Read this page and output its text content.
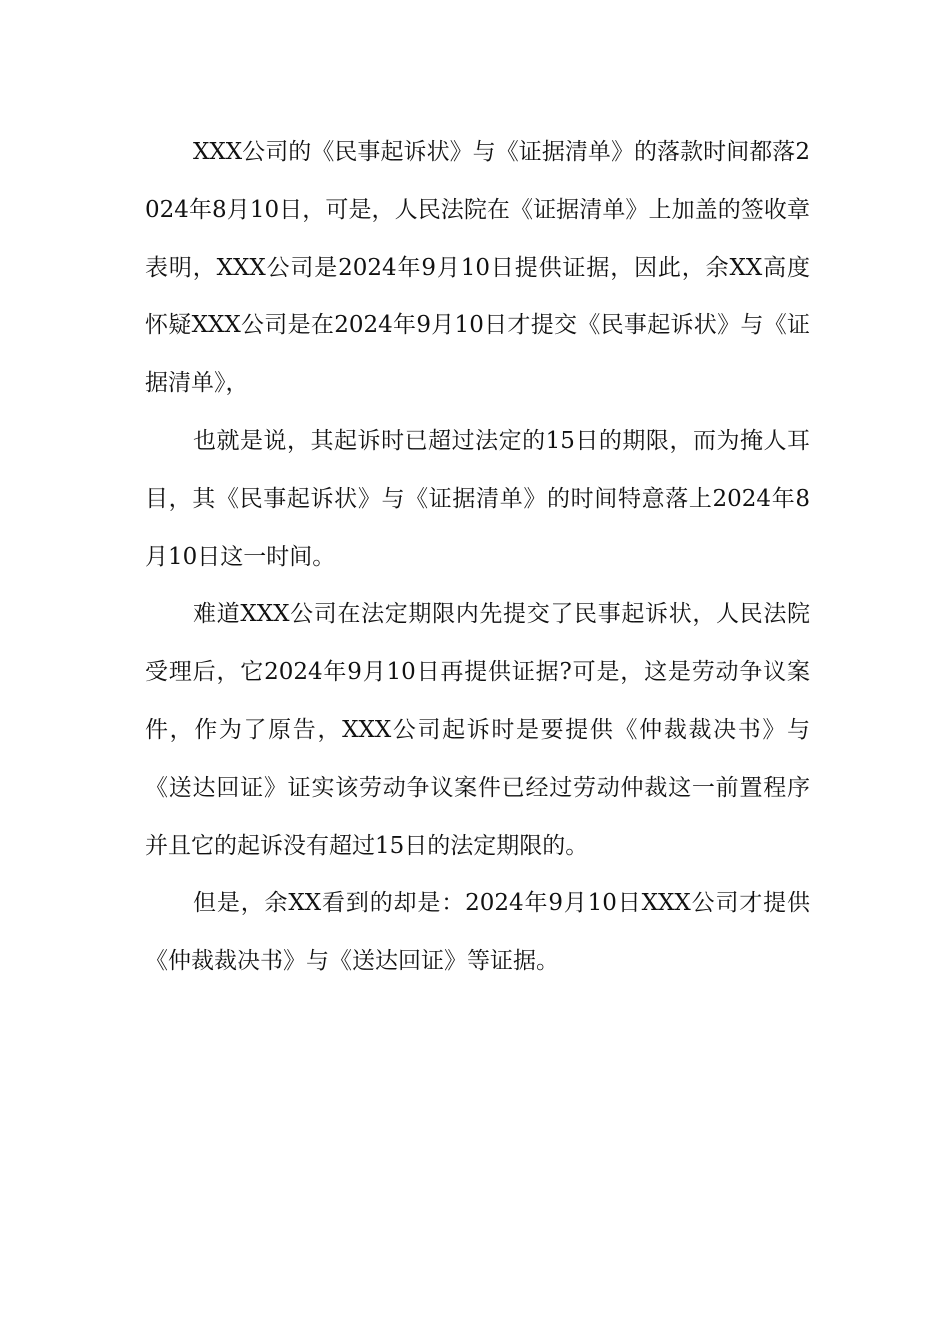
XXX公司的《民事起诉状》与《证据清单》的落款时间都落2024年8月10日，可是，人民法院在《证据清单》上加盖的签收章表明，XXX公司是2024年9月10日提供证据，因此，余XX高度怀疑XXX公司是在2024年9月10日才提交《民事起诉状》与《证据清单》，

也就是说，其起诉时已超过法定的15日的期限，而为掩人耳目，其《民事起诉状》与《证据清单》的时间特意落上2024年8月10日这一时间。

难道XXX公司在法定期限内先提交了民事起诉状，人民法院受理后，它2024年9月10日再提供证据?可是，这是劳动争议案件，作为了原告，XXX公司起诉时是要提供《仲裁裁决书》与《送达回证》证实该劳动争议案件已经过劳动仲裁这一前置程序并且它的起诉没有超过15日的法定期限的。

但是，余XX看到的却是：2024年9月10日XXX公司才提供《仲裁裁决书》与《送达回证》等证据。
